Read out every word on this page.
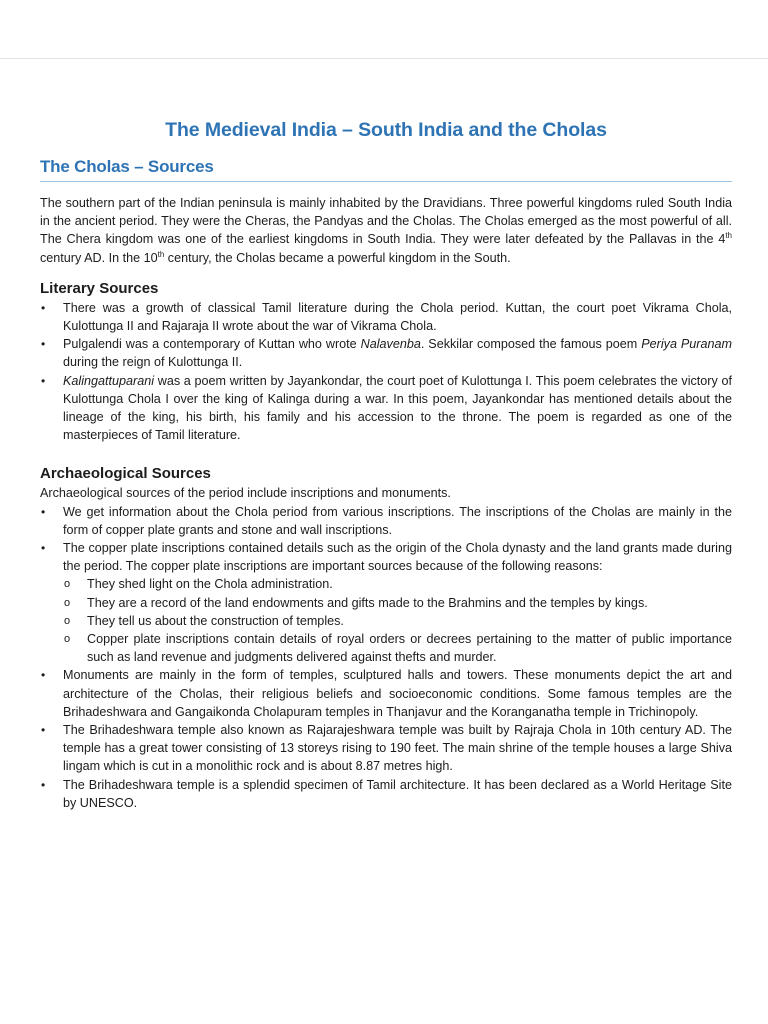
The Medieval India – South India and the Cholas
The Cholas – Sources

The southern part of the Indian peninsula is mainly inhabited by the Dravidians. Three powerful kingdoms ruled South India in the ancient period. They were the Cheras, the Pandyas and the Cholas. The Cholas emerged as the most powerful of all. The Chera kingdom was one of the earliest kingdoms in South India. They were later defeated by the Pallavas in the 4th century AD. In the 10th century, the Cholas became a powerful kingdom in the South.

Literary Sources
• There was a growth of classical Tamil literature during the Chola period. Kuttan, the court poet Vikrama Chola, Kulottunga II and Rajaraja II wrote about the war of Vikrama Chola.
• Pulgalendi was a contemporary of Kuttan who wrote Nalavenba. Sekkilar composed the famous poem Periya Puranam during the reign of Kulottunga II.
• Kalingattuparani was a poem written by Jayankondar, the court poet of Kulottunga I. This poem celebrates the victory of Kulottunga Chola I over the king of Kalinga during a war. In this poem, Jayankondar has mentioned details about the lineage of the king, his birth, his family and his accession to the throne. The poem is regarded as one of the masterpieces of Tamil literature.
Archaeological Sources

Archaeological sources of the period include inscriptions and monuments.

• We get information about the Chola period from various inscriptions. The inscriptions of the Cholas are mainly in the form of copper plate grants and stone and wall inscriptions.
• The copper plate inscriptions contained details such as the origin of the Chola dynasty and the land grants made during the period. The copper plate inscriptions are important sources because of the following reasons:
o They shed light on the Chola administration.
o They are a record of the land endowments and gifts made to the Brahmins and the temples by kings.
o They tell us about the construction of temples.
o Copper plate inscriptions contain details of royal orders or decrees pertaining to the matter of public importance such as land revenue and judgments delivered against thefts and murder.
• Monuments are mainly in the form of temples, sculptured halls and towers. These monuments depict the art and architecture of the Cholas, their religious beliefs and socioeconomic conditions. Some famous temples are the Brihadeshwara and Gangaikonda Cholapuram temples in Thanjavur and the Koranganatha temple in Trichinopoly.
• The Brihadeshwara temple also known as Rajarajeshwara temple was built by Rajraja Chola in 10th century AD. The temple has a great tower consisting of 13 storeys rising to 190 feet. The main shrine of the temple houses a large Shiva lingam which is cut in a monolithic rock and is about 8.87 metres high.
• The Brihadeshwara temple is a splendid specimen of Tamil architecture. It has been declared as a World Heritage Site by UNESCO.
